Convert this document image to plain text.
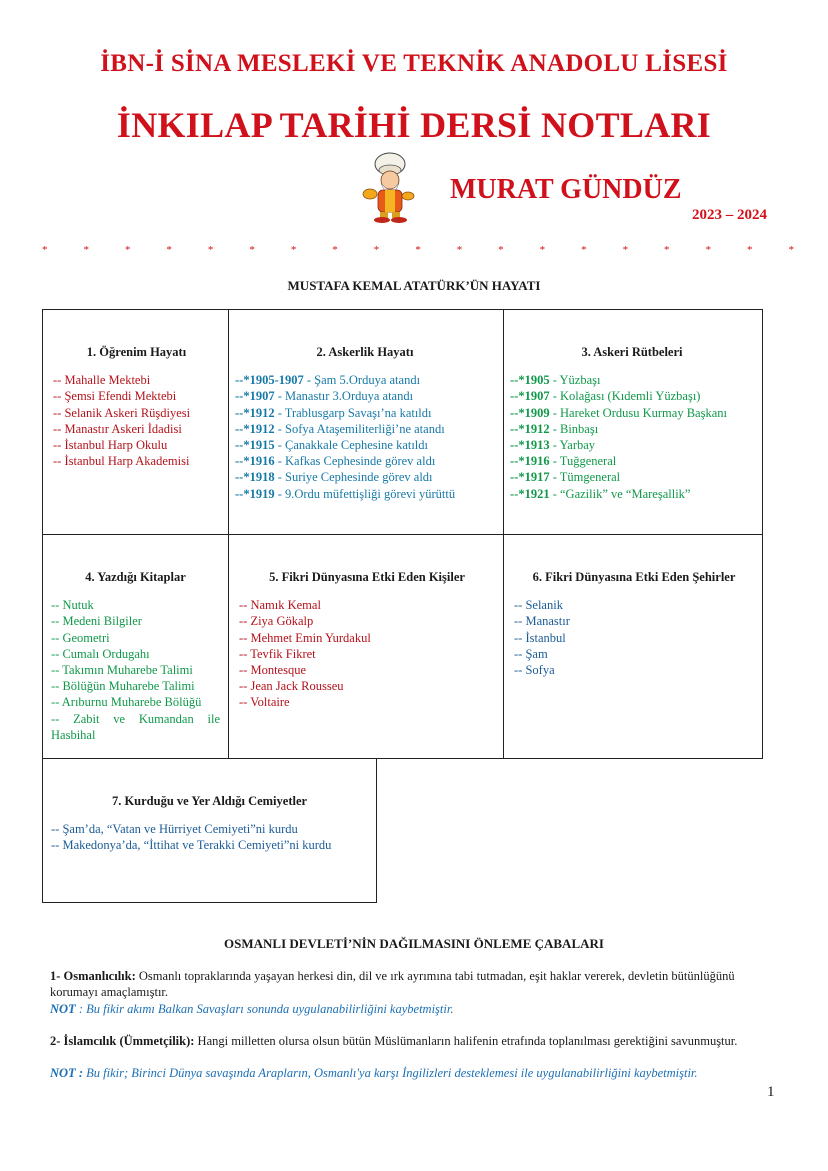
İBN-İ SİNA MESLEKİ VE TEKNİK ANADOLU LİSESİ
İNKILAP TARİHİ DERSİ NOTLARI
MURAT GÜNDÜZ
2023 – 2024
*	*	*	*	*	*	*	*	*	*	*	*	*	*	*	*	*	*	*
MUSTAFA KEMAL ATATÜRK’ÜN HAYATI
1. Öğrenim Hayatı
-- Mahalle Mektebi
-- Şemsi Efendi Mektebi
-- Selanik Askeri Rüşdiyesi
-- Manastır Askeri İdadisi
-- İstanbul Harp Okulu
-- İstanbul Harp Akademisi
2. Askerlik Hayatı
--*1905-1907 - Şam 5.Orduya atandı
--*1907 - Manastır 3.Orduya atandı
--*1912 - Trablusgarp Savaşı’na katıldı
--*1912 - Sofya Ataşemiliterliği’ne atandı
--*1915 - Çanakkale Cephesine katıldı
--*1916 - Kafkas Cephesinde görev aldı
--*1918 - Suriye Cephesinde görev aldı
--*1919 - 9.Ordu müfettişliği görevi yürüttü
3. Askeri Rütbeleri
--*1905 - Yüzbaşı
--*1907 - Kolağası (Kıdemli Yüzbaşı)
--*1909 - Hareket Ordusu Kurmay Başkanı
--*1912 - Binbaşı
--*1913 - Yarbay
--*1916 - Tuğgeneral
--*1917 - Tümgeneral
--*1921 - “Gazilik” ve “Mareşallik”
4. Yazdığı Kitaplar
-- Nutuk
-- Medeni Bilgiler
-- Geometri
-- Cumalı Ordugahı
-- Takımın Muharebe Talimi
-- Bölüğün Muharebe Talimi
-- Arıburnu Muharebe Bölüğü
-- Zabit ve Kumandan ile Hasbihal
5. Fikri Dünyasına Etki Eden Kişiler
-- Namık Kemal
-- Ziya Gökalp
-- Mehmet Emin Yurdakul
-- Tevfik Fikret
-- Montesque
-- Jean Jack Rousseu
-- Voltaire
6. Fikri Dünyasına Etki Eden Şehirler
-- Selanik
-- Manastır
-- İstanbul
-- Şam
-- Sofya
7. Kurduğu ve Yer Aldığı Cemiyetler
-- Şam’da, “Vatan ve Hürriyet Cemiyeti”ni kurdu
-- Makedonya’da, “İttihat ve Terakki Cemiyeti”ni kurdu
OSMANLI DEVLETİ’NİN DAĞILMASINI ÖNLEME ÇABALARI
1- Osmanlıcılık: Osmanlı topraklarında yaşayan herkesi din, dil ve ırk ayrımına tabi tutmadan, eşit haklar vererek, devletin bütünlüğünü korumayı amaçlamıştır.
NOT : Bu fikir akımı Balkan Savaşları sonunda uygulanabilirliğini kaybetmiştir.
2- İslamcılık (Ümmetçilik): Hangi milletten olursa olsun bütün Müslümanların halifenin etrafında toplanılması gerektiğini savunmuştur.
NOT : Bu fikir; Birinci Dünya savaşında Arapların, Osmanlı'ya karşı İngilizleri desteklemesi ile uygulanabilirliğini kaybetmiştir.
1
